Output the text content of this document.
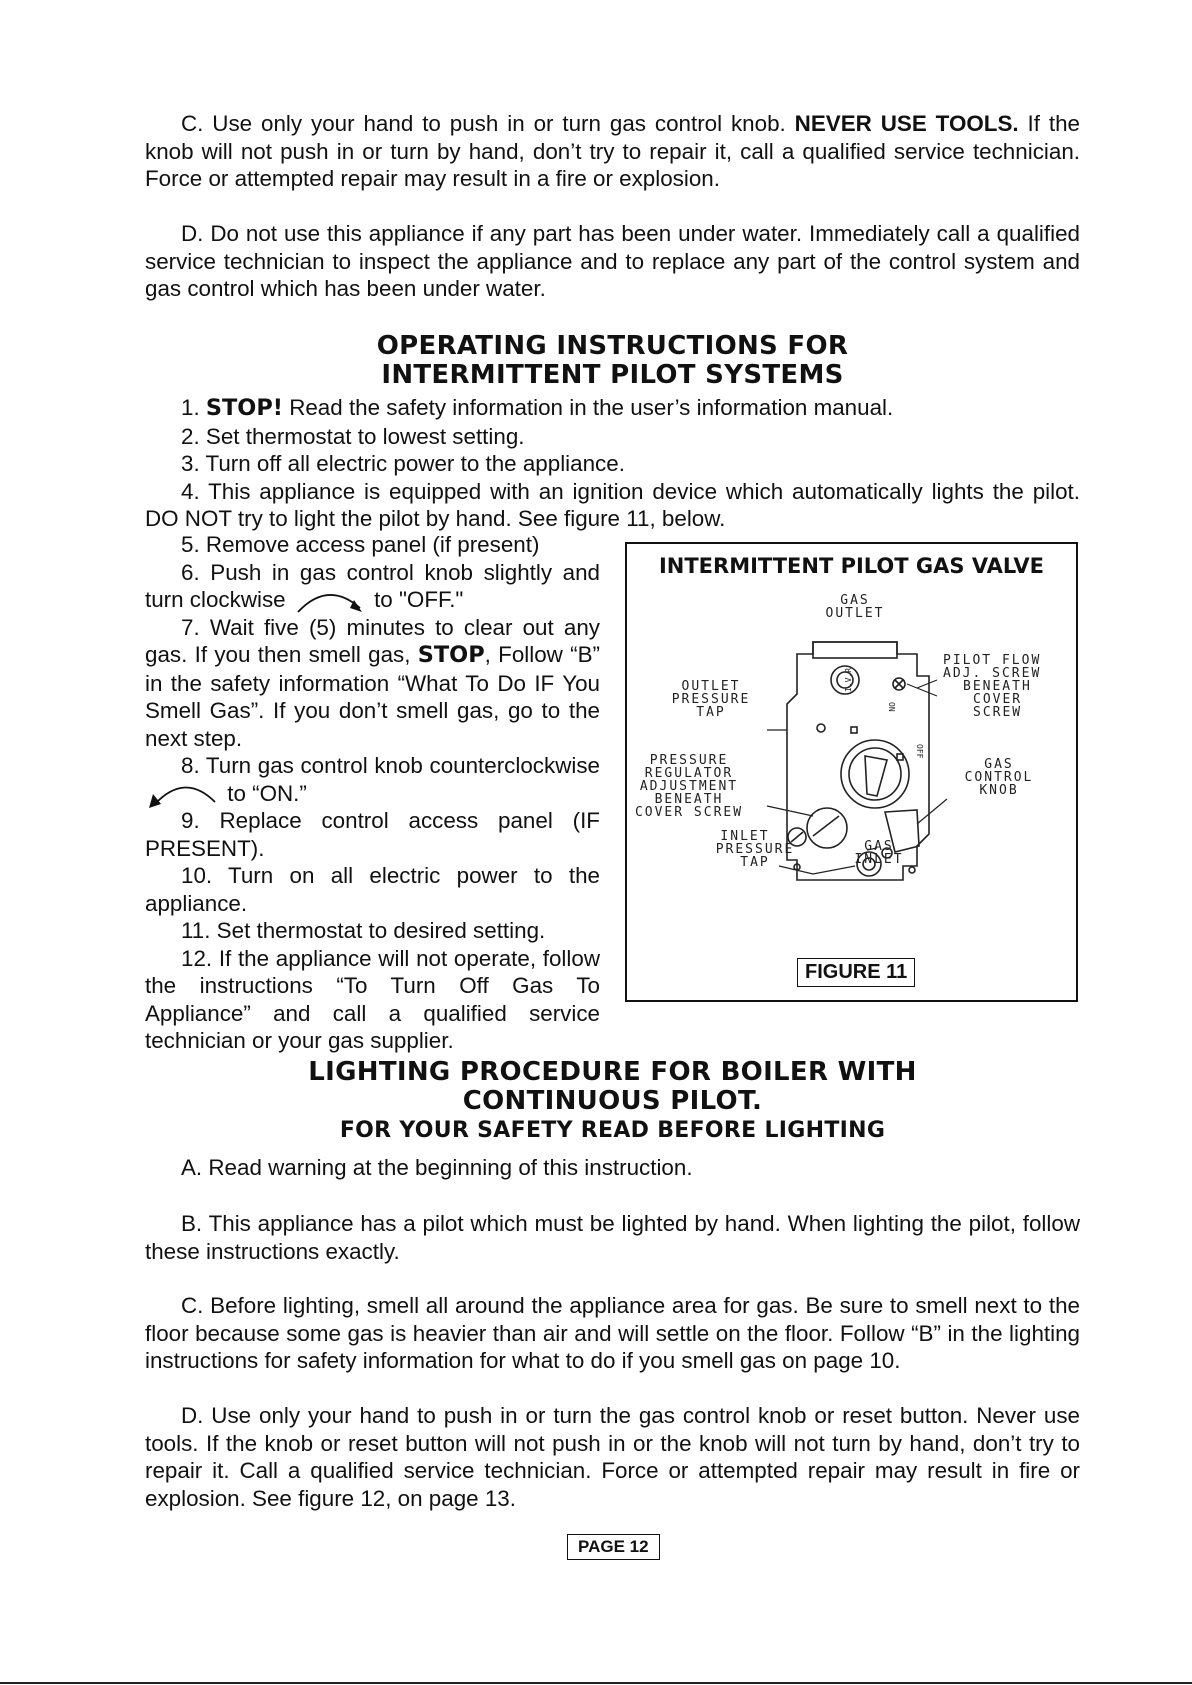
C. Use only your hand to push in or turn gas control knob. NEVER USE TOOLS. If the knob will not push in or turn by hand, don’t try to repair it, call a qualified service technician. Force or attempted repair may result in a fire or explosion.

D. Do not use this appliance if any part has been under water. Immediately call a qualified service technician to inspect the appliance and to replace any part of the control system and gas control which has been under water.

OPERATING INSTRUCTIONS FOR
INTERMITTENT PILOT SYSTEMS

1. STOP! Read the safety information in the user’s information manual.

2. Set thermostat to lowest setting.

3. Turn off all electric power to the appliance.

4. This appliance is equipped with an ignition device which automatically lights the pilot. DO NOT try to light the pilot by hand. See figure 11, below.

5. Remove access panel (if present)

6. Push in gas control knob slightly and turn clockwise	to "OFF."

7. Wait five (5) minutes to clear out any gas. If you then smell gas, STOP, Follow “B” in the safety information “What To Do IF You Smell Gas”. If you don’t smell gas, go to the next step.

8. Turn gas control knob counterclockwise
to “ON.”

9. Replace control access panel (IF PRESENT).

10. Turn on all electric power to the appliance.

11. Set thermostat to desired setting.

12. If the appliance will not operate, follow the instructions “To Turn Off Gas To Appliance” and call a qualified service technician or your gas supplier.

INTERMITTENT PILOT GAS VALVE
GAS
OUTLET
PILOT FLOW
ADJ. SCREW
BENEATH
COVER
SCREW
OUTLET
PRESSURE
TAP
PRESSURE
REGULATOR
ADJUSTMENT
BENEATH
COVER SCREW
GAS
CONTROL
KNOB
INLET
PRESSURE
TAP
GAS
INLET
ON
OFF
I.V.R
FIGURE 11
LIGHTING PROCEDURE FOR BOILER WITH
CONTINUOUS PILOT.
FOR YOUR SAFETY READ BEFORE LIGHTING

A. Read warning at the beginning of this instruction.

B. This appliance has a pilot which must be lighted by hand. When lighting the pilot, follow these instructions exactly.

C. Before lighting, smell all around the appliance area for gas. Be sure to smell next to the floor because some gas is heavier than air and will settle on the floor. Follow “B” in the lighting instructions for safety information for what to do if you smell gas on page 10.

D. Use only your hand to push in or turn the gas control knob or reset button. Never use tools. If the knob or reset button will not push in or the knob will not turn by hand, don’t try to repair it. Call a qualified service technician. Force or attempted repair may result in fire or explosion. See figure 12, on page 13.

PAGE 12
